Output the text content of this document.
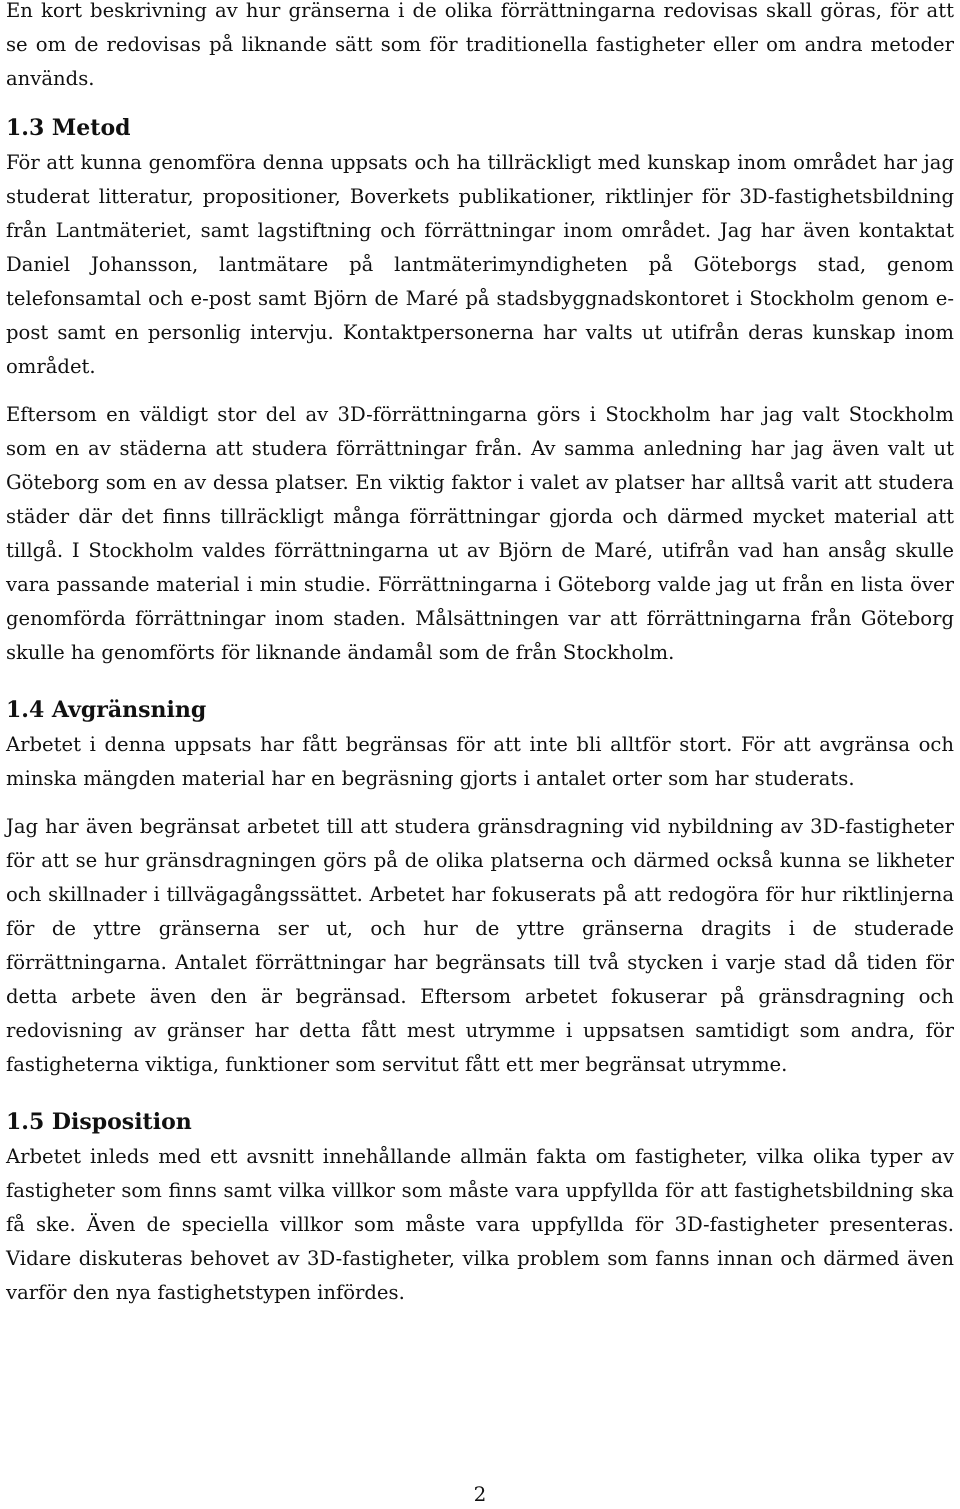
En kort beskrivning av hur gränserna i de olika förrättningarna redovisas skall göras, för att se om de redovisas på liknande sätt som för traditionella fastigheter eller om andra metoder används.

1.3 Metod

För att kunna genomföra denna uppsats och ha tillräckligt med kunskap inom området har jag studerat litteratur, propositioner, Boverkets publikationer, riktlinjer för 3D-fastighetsbildning från Lantmäteriet, samt lagstiftning och förrättningar inom området. Jag har även kontaktat Daniel Johansson, lantmätare på lantmäterimyndigheten på Göteborgs stad, genom telefonsamtal och e-post samt Björn de Maré på stadsbyggnadskontoret i Stockholm genom e-post samt en personlig intervju. Kontaktpersonerna har valts ut utifrån deras kunskap inom området.

Eftersom en väldigt stor del av 3D-förrättningarna görs i Stockholm har jag valt Stockholm som en av städerna att studera förrättningar från. Av samma anledning har jag även valt ut Göteborg som en av dessa platser. En viktig faktor i valet av platser har alltså varit att studera städer där det finns tillräckligt många förrättningar gjorda och därmed mycket material att tillgå. I Stockholm valdes förrättningarna ut av Björn de Maré, utifrån vad han ansåg skulle vara passande material i min studie. Förrättningarna i Göteborg valde jag ut från en lista över genomförda förrättningar inom staden. Målsättningen var att förrättningarna från Göteborg skulle ha genomförts för liknande ändamål som de från Stockholm.

1.4 Avgränsning

Arbetet i denna uppsats har fått begränsas för att inte bli alltför stort. För att avgränsa och minska mängden material har en begräsning gjorts i antalet orter som har studerats.

Jag har även begränsat arbetet till att studera gränsdragning vid nybildning av 3D-fastigheter för att se hur gränsdragningen görs på de olika platserna och därmed också kunna se likheter och skillnader i tillvägagångssättet. Arbetet har fokuserats på att redogöra för hur riktlinjerna för de yttre gränserna ser ut, och hur de yttre gränserna dragits i de studerade förrättningarna. Antalet förrättningar har begränsats till två stycken i varje stad då tiden för detta arbete även den är begränsad. Eftersom arbetet fokuserar på gränsdragning och redovisning av gränser har detta fått mest utrymme i uppsatsen samtidigt som andra, för fastigheterna viktiga, funktioner som servitut fått ett mer begränsat utrymme.

1.5 Disposition

Arbetet inleds med ett avsnitt innehållande allmän fakta om fastigheter, vilka olika typer av fastigheter som finns samt vilka villkor som måste vara uppfyllda för att fastighetsbildning ska få ske. Även de speciella villkor som måste vara uppfyllda för 3D-fastigheter presenteras. Vidare diskuteras behovet av 3D-fastigheter, vilka problem som fanns innan och därmed även varför den nya fastighetstypen infördes.

2
